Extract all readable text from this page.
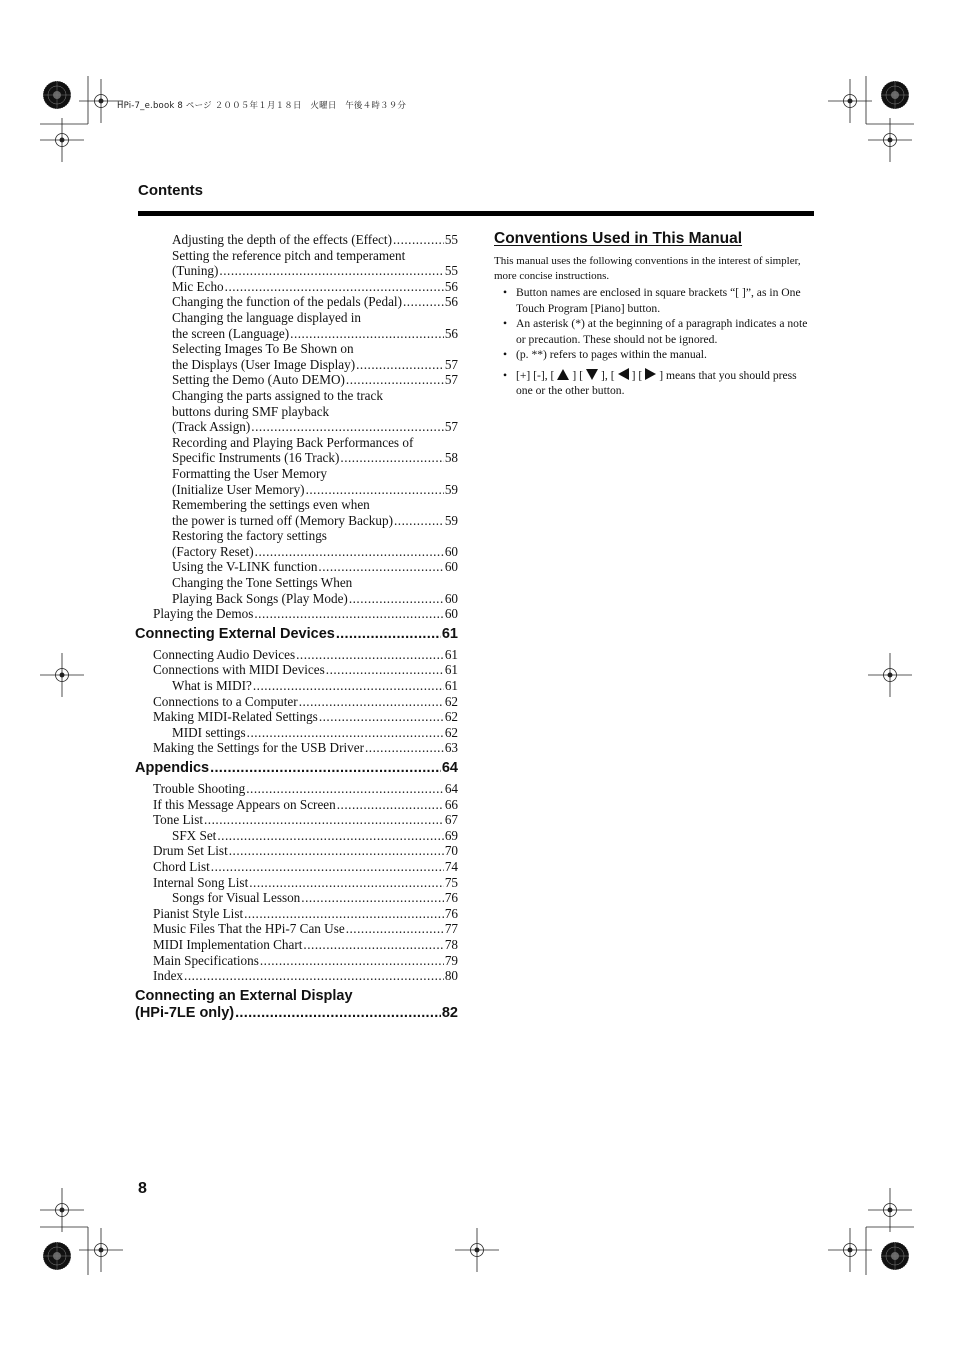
HPi-7_e.book 8 ページ ２００５年１月１８日　火曜日　午後４時３９分
Contents
Adjusting the depth of the effects (Effect) .....	55
Setting the reference pitch and temperament
(Tuning) .....	55
Mic Echo .....	56
Changing the function of the pedals (Pedal) .....	56
Changing the language displayed in
the screen (Language) .....	56
Selecting Images To Be Shown on
the Displays (User Image Display) .....	57
Setting the Demo (Auto DEMO) .....	57
Changing the parts assigned to the track
buttons during SMF playback
(Track Assign) .....	57
Recording and Playing Back Performances of
Specific Instruments (16 Track) .....	58
Formatting the User Memory
(Initialize User Memory) .....	59
Remembering the settings even when
the power is turned off (Memory Backup) .....	59
Restoring the factory settings
(Factory Reset) .....	60
Using the V-LINK function .....	60
Changing the Tone Settings When
Playing Back Songs (Play Mode) .....	60
Playing the Demos .....	60
Connecting External Devices .....	61
Connecting Audio Devices .....	61
Connections with MIDI Devices .....	61
What is MIDI? .....	61
Connections to a Computer .....	62
Making MIDI-Related Settings .....	62
MIDI settings .....	62
Making the Settings for the USB Driver .....	63
Appendics .....	64
Trouble Shooting .....	64
If this Message Appears on Screen .....	66
Tone List .....	67
SFX Set .....	69
Drum Set List .....	70
Chord List .....	74
Internal Song List .....	75
Songs for Visual Lesson .....	76
Pianist Style List .....	76
Music Files That the HPi-7 Can Use .....	77
MIDI Implementation Chart .....	78
Main Specifications .....	79
Index .....	80
Connecting an External Display
(HPi-7LE only) .....	82
Conventions Used in This Manual

This manual uses the following conventions in the interest of simpler, more concise instructions.

• Button names are enclosed in square brackets “[ ]”, as in One Touch Program [Piano] button.
• An asterisk (*) at the beginning of a paragraph indicates a note or precaution. These should not be ignored.
• (p. **) refers to pages within the manual.
• [+] [-], [ ] [ ], [ ] [ ] means that you should press one or the other button.
8
